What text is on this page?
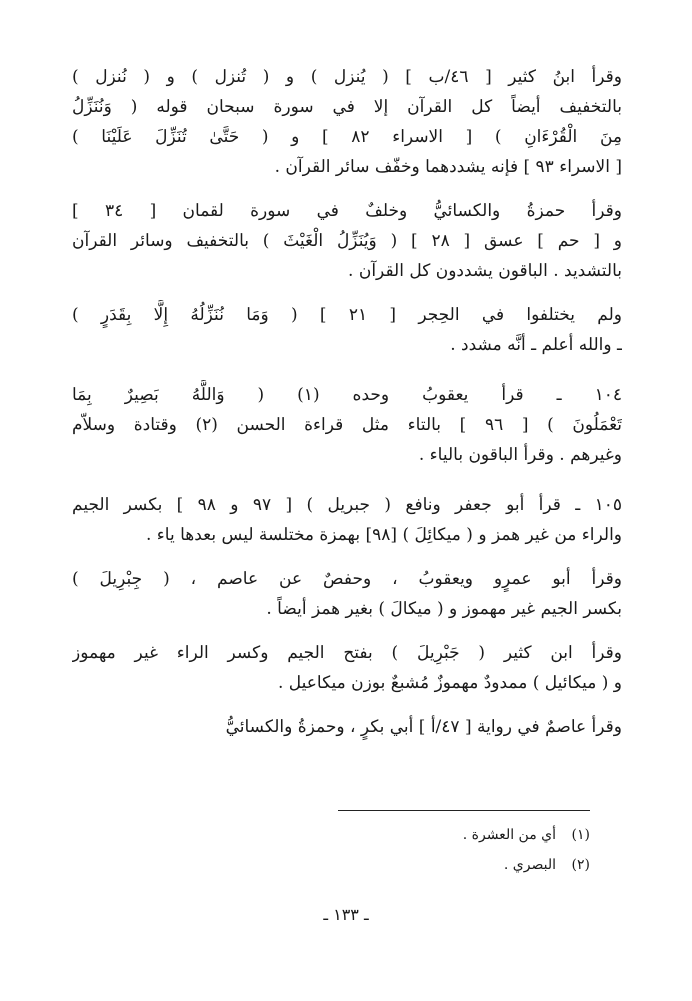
وقرأ ابنُ كثير [ ٤٦/ب ] ( يُنزل ) و ( تُنزل ) و ( نُنزل )
بالتخفيف أيضاً كل القرآن إلا في سورة سبحان قوله ( وَنُنَزِّلُ
مِنَ الْقُرْءَانِ ) [ الاسراء ٨٢ ] و ( حَتَّىٰ تُنَزِّلَ عَلَيْنَا )
[ الاسراء ٩٣ ] فإنه يشددهما وخفّف سائر القرآن .
وقرأ حمزةُ والكسائيُّ وخلفٌ في سورة لقمان [ ٣٤ ]
و [ حم ] عسق [ ٢٨ ] ( وَيُنَزِّلُ الْغَيْثَ ) بالتخفيف وسائر القرآن
بالتشديد . الباقون يشددون كل القرآن .
ولم يختلفوا في الحِجر [ ٢١ ] ( وَمَا نُنَزِّلُهُ إِلَّا بِقَدَرٍ )
ـ والله أعلم ـ أنَّه مشدد .
١٠٤ ـ قرأ يعقوبُ وحده (١) ( وَاللَّهُ بَصِيرٌ بِمَا
تَعْمَلُونَ ) [ ٩٦ ] بالتاء مثل قراءة الحسن (٢) وقتادة وسلاّم
وغيرهم . وقرأ الباقون بالياء .
١٠٥ ـ قرأ أبو جعفر ونافع ( جبريل ) [ ٩٧ و ٩٨ ] بكسر الجيم
والراء من غير همز و ( ميكائِلَ ) [٩٨] بهمزة مختلسة ليس بعدها ياء .
وقرأ أبو عمرٍو ويعقوبُ ، وحفصٌ عن عاصم ، ( جِبْرِيلَ )
بكسر الجيم غير مهموز و ( ميكالَ ) بغير همز أيضاً .
وقرأ ابن كثير ( جَبْرِيلَ ) بفتح الجيم وكسر الراء غير مهموز
و ( ميكائيل ) ممدودٌ مهموزٌ مُشبعٌ بوزن ميكاعيل .
وقرأ عاصمٌ في رواية [ ٤٧/أ ] أبي بكرٍ ، وحمزةُ والكسائيُّ
(١)أي من العشرة .
(٢)البصري .
ـ ١٣٣ ـ
